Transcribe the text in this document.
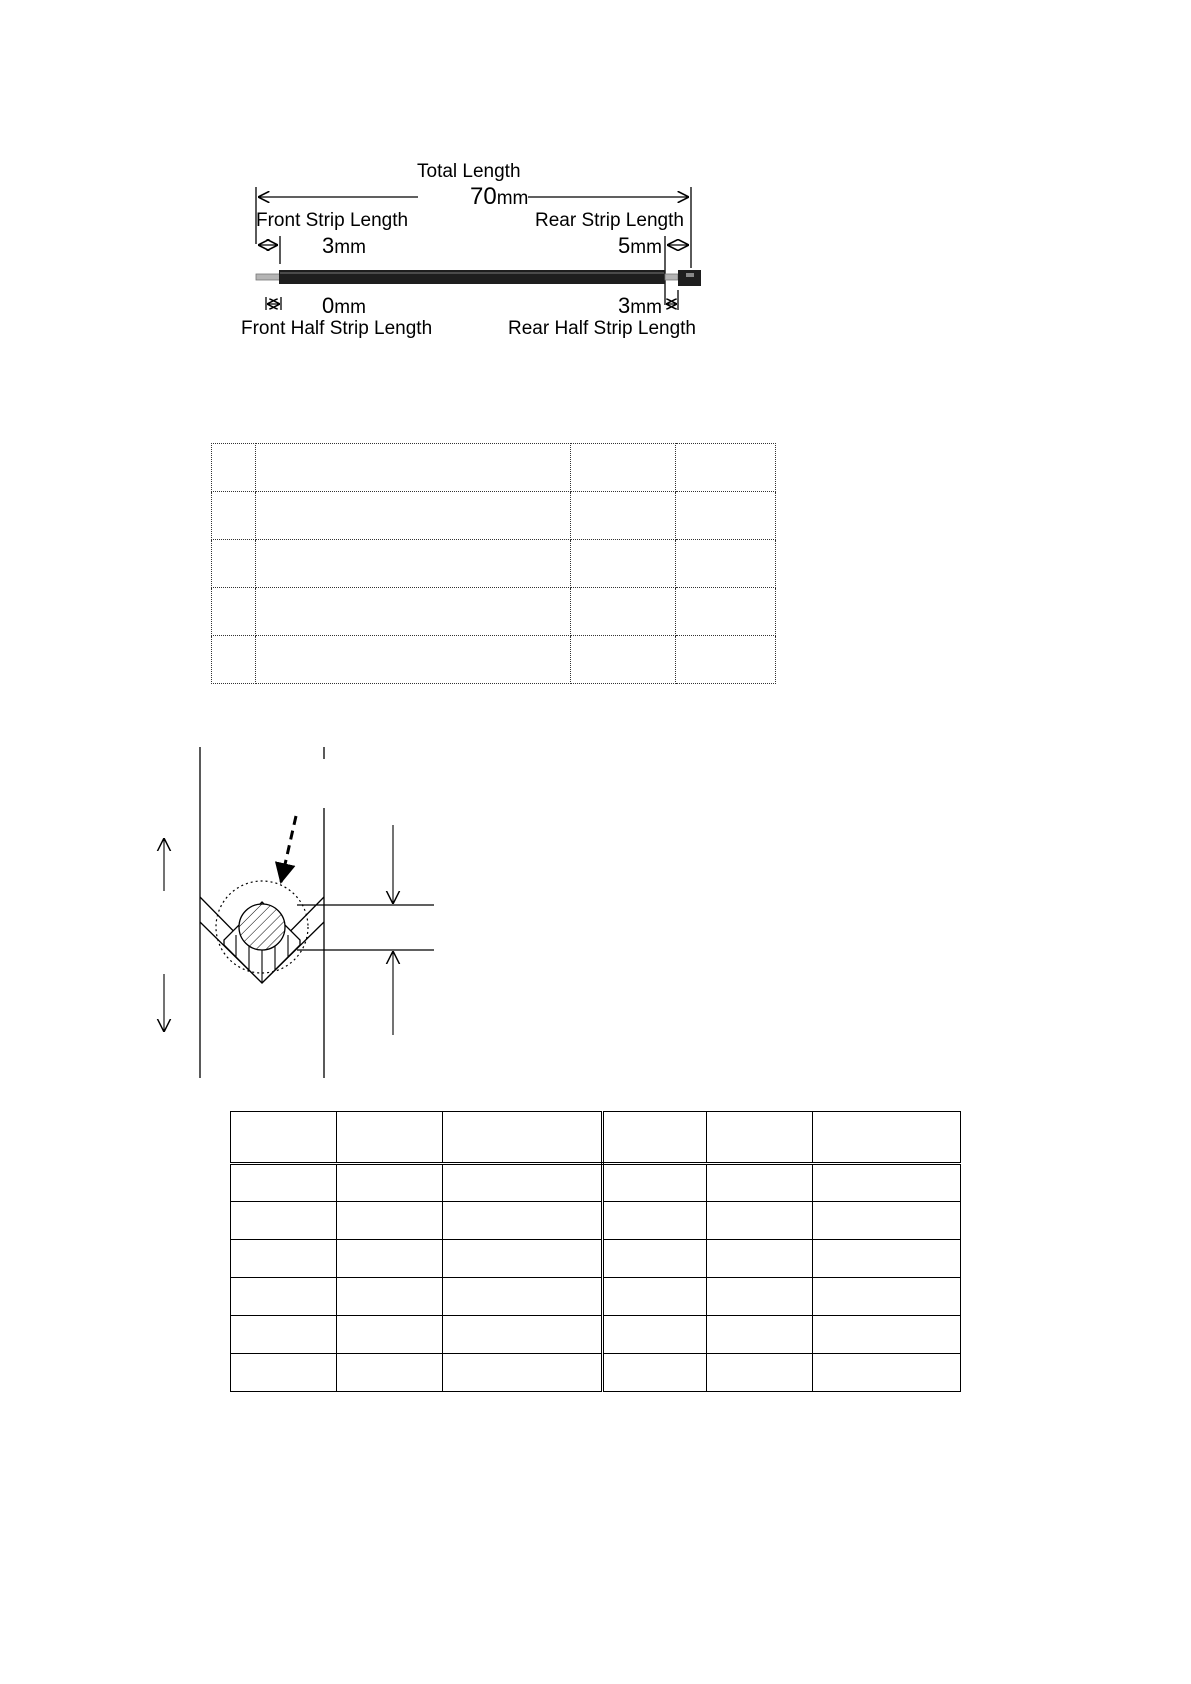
Total Length
70mm
Front Strip Length
3mm
Rear Strip Length
5mm
0mm
Front Half Strip Length
3mm
Rear Half Strip Length
